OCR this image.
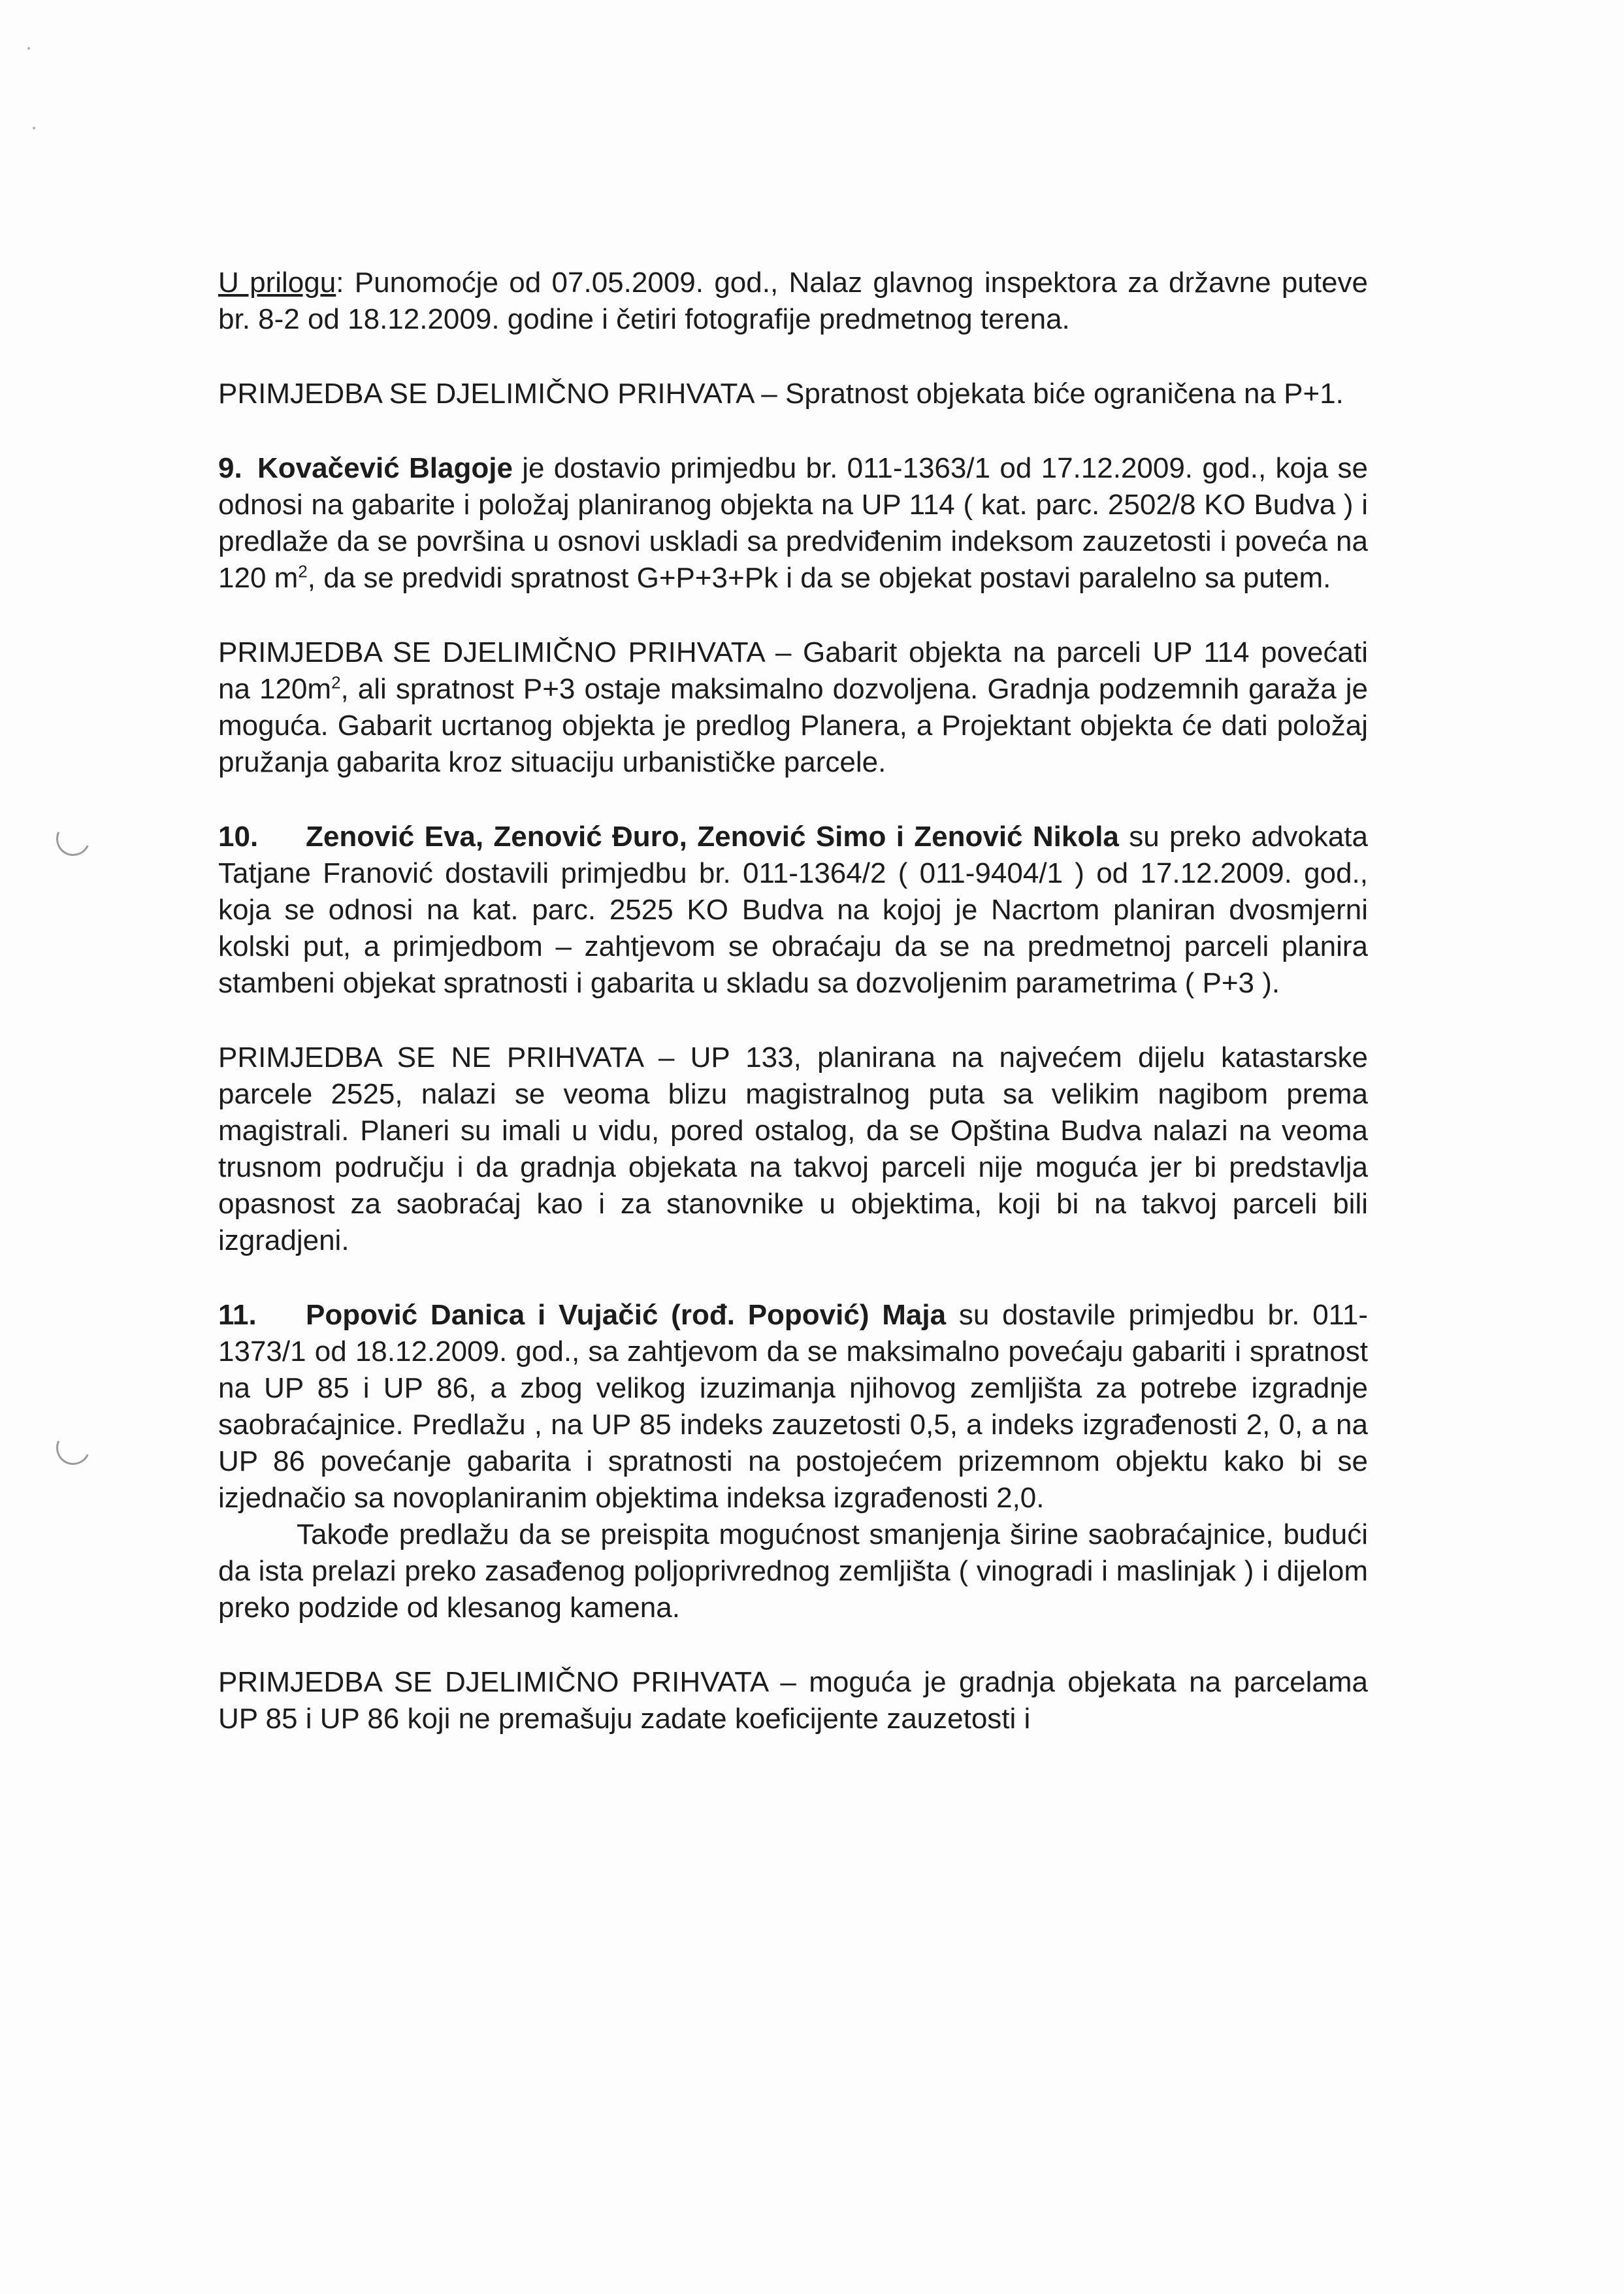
U prilogu: Punomoćje od 07.05.2009. god., Nalaz glavnog inspektora za državne puteve br. 8-2 od 18.12.2009. godine i četiri fotografije predmetnog terena.

PRIMJEDBA SE DJELIMIČNO PRIHVATA – Spratnost objekata biće ograničena na P+1.

9. Kovačević Blagoje je dostavio primjedbu br. 011-1363/1 od 17.12.2009. god., koja se odnosi na gabarite i položaj planiranog objekta na UP 114 ( kat. parc. 2502/8 KO Budva ) i predlaže da se površina u osnovi uskladi sa predviđenim indeksom zauzetosti i poveća na 120 $m^2$, da se predvidi spratnost G+P+3+Pk i da se objekat postavi paralelno sa putem.

PRIMJEDBA SE DJELIMIČNO PRIHVATA – Gabarit objekta na parceli UP 114 povećati na $120m^2$, ali spratnost P+3 ostaje maksimalno dozvoljena. Gradnja podzemnih garaža je moguća. Gabarit ucrtanog objekta je predlog Planera, a Projektant objekta će dati položaj pružanja gabarita kroz situaciju urbanističke parcele.

10. Zenović Eva, Zenović Đuro, Zenović Simo i Zenović Nikola su preko advokata Tatjane Franović dostavili primjedbu br. 011-1364/2 ( 011-9404/1 ) od 17.12.2009. god., koja se odnosi na kat. parc. 2525 KO Budva na kojoj je Nacrtom planiran dvosmjerni kolski put, a primjedbom – zahtjevom se obraćaju da se na predmetnoj parceli planira stambeni objekat spratnosti i gabarita u skladu sa dozvoljenim parametrima ( P+3 ).

PRIMJEDBA SE NE PRIHVATA – UP 133, planirana na najvećem dijelu katastarske parcele 2525, nalazi se veoma blizu magistralnog puta sa velikim nagibom prema magistrali. Planeri su imali u vidu, pored ostalog, da se Opština Budva nalazi na veoma trusnom području i da gradnja objekata na takvoj parceli nije moguća jer bi predstavlja opasnost za saobraćaj kao i za stanovnike u objektima, koji bi na takvoj parceli bili izgradjeni.

11. Popović Danica i Vujačić (rođ. Popović) Maja su dostavile primjedbu br. 011-1373/1 od 18.12.2009. god., sa zahtjevom da se maksimalno povećaju gabariti i spratnost na UP 85 i UP 86, a zbog velikog izuzimanja njihovog zemljišta za potrebe izgradnje saobraćajnice. Predlažu , na UP 85 indeks zauzetosti 0,5, a indeks izgrađenosti 2, 0, a na UP 86 povećanje gabarita i spratnosti na postojećem prizemnom objektu kako bi se izjednačio sa novoplaniranim objektima indeksa izgrađenosti 2,0.

Takođe predlažu da se preispita mogućnost smanjenja širine saobraćajnice, budući da ista prelazi preko zasađenog poljoprivrednog zemljišta ( vinogradi i maslinjak ) i dijelom preko podzide od klesanog kamena.

PRIMJEDBA SE DJELIMIČNO PRIHVATA – moguća je gradnja objekata na parcelama UP 85 i UP 86 koji ne premašuju zadate koeficijente zauzetosti i
